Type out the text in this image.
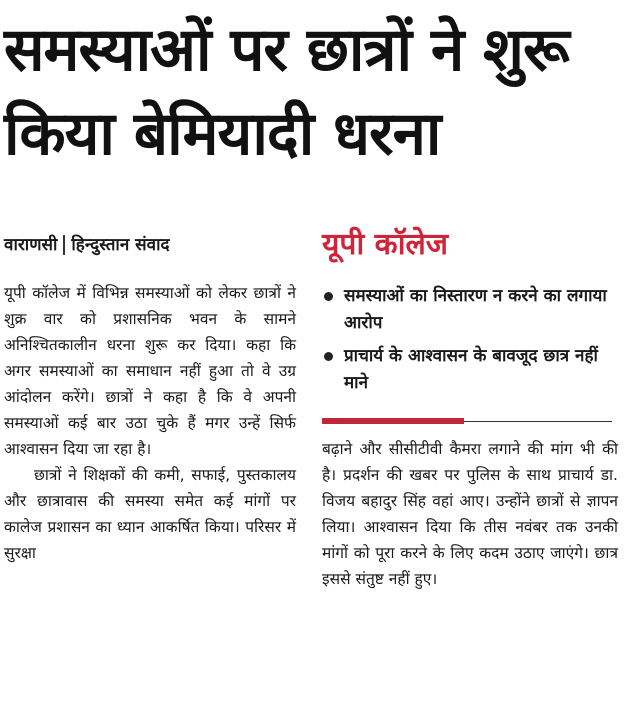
समस्याओं पर छात्रों ने शुरू
किया बेमियादी धरना
वाराणसी हिन्दुस्तान संवाद

यूपी कॉलेज में विभिन्न समस्याओं को लेकर छात्रों ने शुक्र वार को प्रशासनिक भवन के सामने अनिश्चितकालीन धरना शुरू कर दिया। कहा कि अगर समस्याओं का समाधान नहीं हुआ तो वे उग्र आंदोलन करेंगे। छात्रों ने कहा है कि वे अपनी समस्याओं कई बार उठा चुके हैं मगर उन्हें सिर्फ आश्वासन दिया जा रहा है।

छात्रों ने शिक्षकों की कमी, सफाई, पुस्तकालय और छात्रावास की समस्या समेत कई मांगों पर कालेज प्रशासन का ध्यान आकर्षित किया। परिसर में सुरक्षा

यूपी कॉलेज
समस्याओं का निस्तारण न करने का लगाया आरोप
प्राचार्य के आश्वासन के बावजूद छात्र नहीं माने

बढ़ाने और सीसीटीवी कैमरा लगाने की मांग भी की है। प्रदर्शन की खबर पर पुलिस के साथ प्राचार्य डा. विजय बहादुर सिंह वहां आए। उन्होंने छात्रों से ज्ञापन लिया। आश्वासन दिया कि तीस नवंबर तक उनकी मांगों को पूरा करने के लिए कदम उठाए जाएंगे। छात्र इससे संतुष्ट नहीं हुए।
